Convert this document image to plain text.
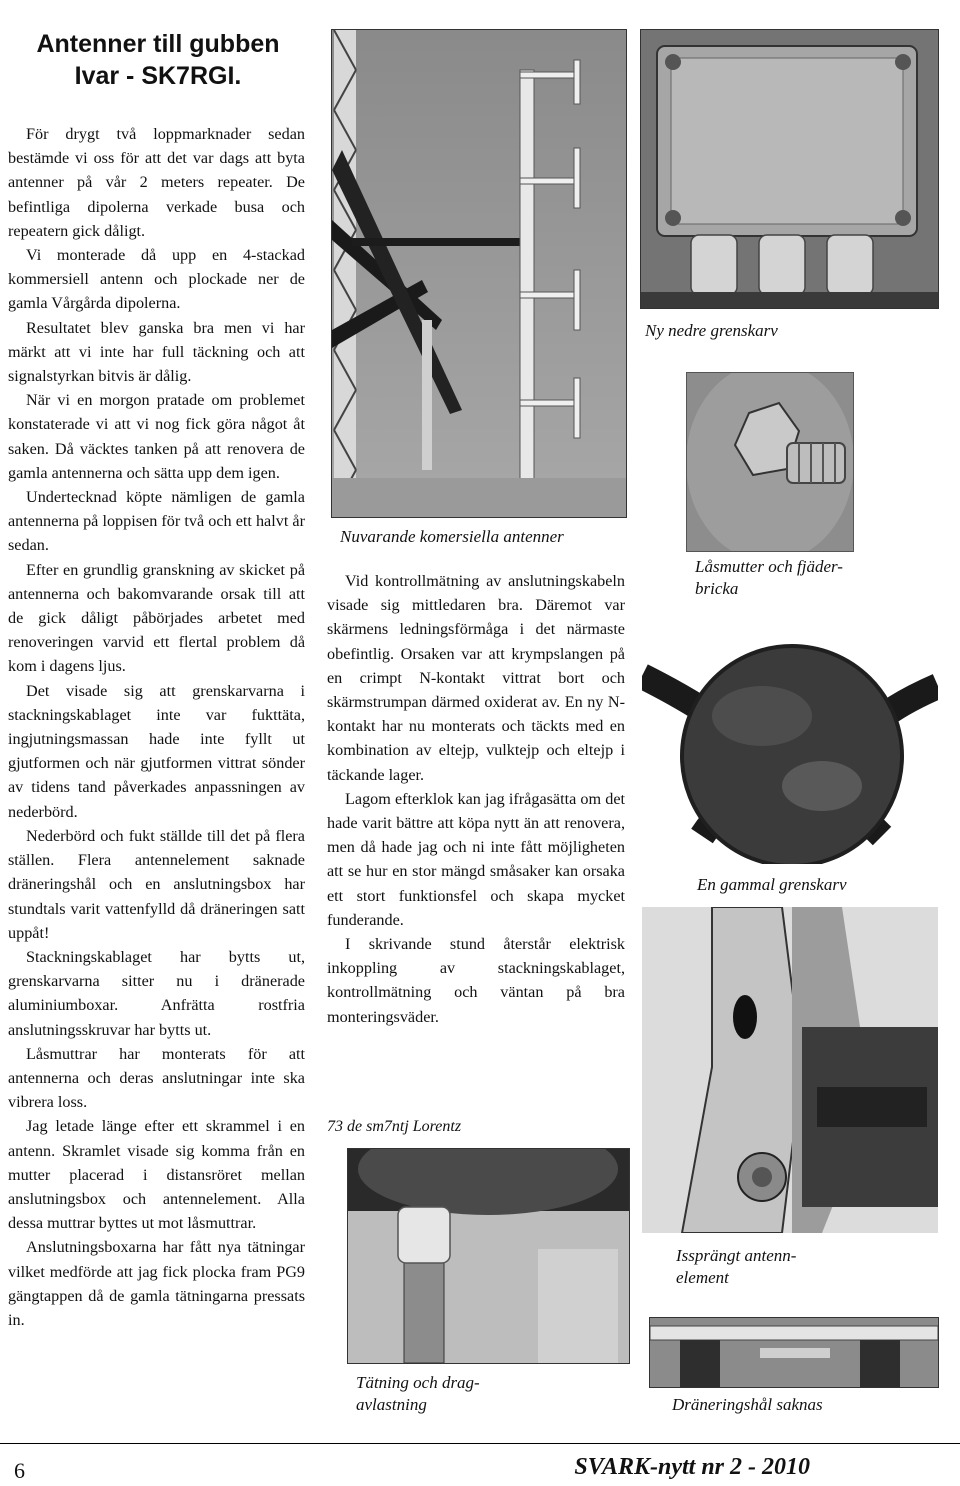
Antenner till gubben
Ivar - SK7RGI.

För drygt två loppmarknader sedan bestämde vi oss för att det var dags att byta antenner på vår 2 meters repeater. De befintliga dipolerna verkade busa och repeatern gick dåligt.

Vi monterade då upp en 4-stackad kommersiell antenn och plockade ner de gamla Vårgårda dipolerna.

Resultatet blev ganska bra men vi har märkt att vi inte har full täckning och att signalstyrkan bitvis är dålig.

När vi en morgon pratade om problemet konstaterade vi att vi nog fick göra något åt saken. Då väcktes tanken på att renovera de gamla antennerna och sätta upp dem igen.

Undertecknad köpte nämligen de gamla antennerna på loppisen för två och ett halvt år sedan.

Efter en grundlig granskning av skicket på antennerna och bakomvarande orsak till att de gick dåligt påbörjades arbetet med renoveringen varvid ett flertal problem då kom i dagens ljus.

Det visade sig att grenskarvarna i stackningskablaget inte var fukttäta, ingjutningsmassan hade inte fyllt ut gjutformen och när gjutformen vittrat sönder av tidens tand påverkades anpassningen av nederbörd.

Nederbörd och fukt ställde till det på flera ställen. Flera antennelement saknade dräneringshål och en anslutningsbox har stundtals varit vattenfylld då dräneringen satt uppåt!

Stackningskablaget har bytts ut, grenskarvarna sitter nu i dränerade aluminiumboxar. Anfrätta rostfria anslutningsskruvar har bytts ut.

Låsmuttrar har monterats för att antennerna och deras anslutningar inte ska vibrera loss.

Jag letade länge efter ett skrammel i en antenn. Skramlet visade sig komma från en mutter placerad i distansröret mellan anslutningsbox och antennelement. Alla dessa muttrar byttes ut mot låsmuttrar.

Anslutningsboxarna har fått nya tätningar vilket medförde att jag fick plocka fram PG9 gängtappen då de gamla tätningarna pressats in.

Nuvarande komersiella antenner

Vid kontrollmätning av anslutningskabeln visade sig mittledaren bra. Däremot var skärmens ledningsförmåga i det närmaste obefintlig. Orsaken var att krympslangen på en crimpt N-kontakt vittrat bort och skärmstrumpan därmed oxiderat av. En ny N-kontakt har nu monterats och täckts med en kombination av eltejp, vulktejp och eltejp i täckande lager.

Lagom efterklok kan jag ifrågasätta om det hade varit bättre att köpa nytt än att renovera, men då hade jag och ni inte fått möjligheten att se hur en stor mängd småsaker kan orsaka ett stort funktionsfel och skapa mycket funderande.

I skrivande stund återstår elektrisk inkoppling av stackningskablaget, kontrollmätning och väntan på bra monteringsväder.

73 de sm7ntj Lorentz
Ny nedre grenskarv
Låsmutter och fjäder-bricka
En gammal grenskarv
Issprängt antenn-element
Tätning och drag-avlastning	Dräneringshål saknas
6	SVARK-nytt nr 2 - 2010
